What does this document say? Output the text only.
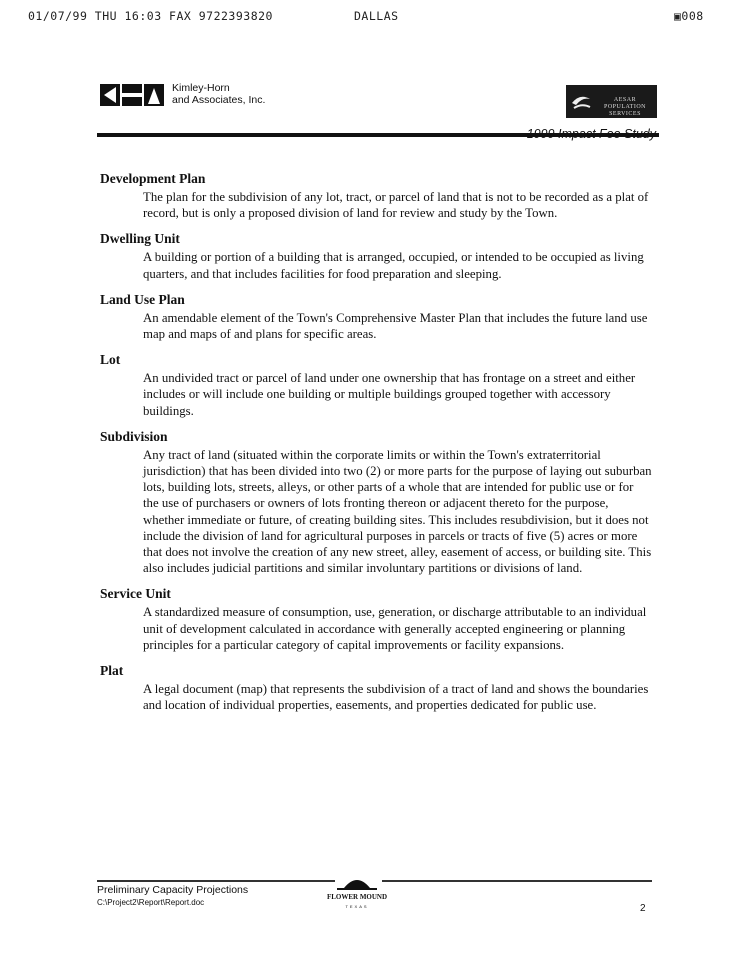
01/07/99 THU 16:03 FAX 9722393820	DALLAS	▣008
Kimley-Horn
and Associates, Inc.	AESAR POPULATION SERVICES

Development Plan

The plan for the subdivision of any lot, tract, or parcel of land that is not to be recorded as a plat of record, but is only a proposed division of land for review and study by the Town.

Dwelling Unit

A building or portion of a building that is arranged, occupied, or intended to be occupied as living quarters, and that includes facilities for food preparation and sleeping.

Land Use Plan

An amendable element of the Town's Comprehensive Master Plan that includes the future land use map and maps of and plans for specific areas.

Lot

An undivided tract or parcel of land under one ownership that has frontage on a street and either includes or will include one building or multiple buildings grouped together with accessory buildings.

Subdivision

Any tract of land (situated within the corporate limits or within the Town's extraterritorial jurisdiction) that has been divided into two (2) or more parts for the purpose of laying out suburban lots, building lots, streets, alleys, or other parts of a whole that are intended for public use or for the use of purchasers or owners of lots fronting thereon or adjacent thereto for the purpose, whether immediate or future, of creating building sites. This includes resubdivision, but it does not include the division of land for agricultural purposes in parcels or tracts of five (5) acres or more that does not involve the creation of any new street, alley, easement of access, or building site. This also includes judicial partitions and similar involuntary partitions or divisions of land.

Service Unit

A standardized measure of consumption, use, generation, or discharge attributable to an individual unit of development calculated in accordance with generally accepted engineering or planning principles for a particular category of capital improvements or facility expansions.

Plat

A legal document (map) that represents the subdivision of a tract of land and shows the boundaries and location of individual properties, easements, and properties dedicated for public use.

Preliminary Capacity Projections
C:\Project2\Report\Report.doc
FLOWER MOUND
TEXAS	2
